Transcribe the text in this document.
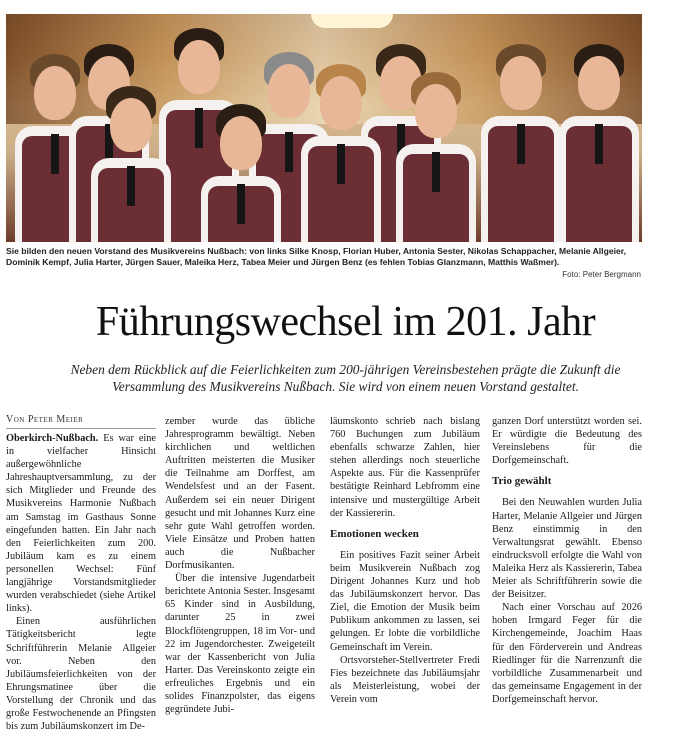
Sie bilden den neuen Vorstand des Musikvereins Nußbach: von links Silke Knosp, Florian Huber, Antonia Sester, Nikolas Schappacher, Melanie Allgeier, Dominik Kempf, Julia Harter, Jürgen Sauer, Maleika Herz, Tabea Meier und Jürgen Benz (es fehlen Tobias Glanzmann, Matthis Waßmer).
Foto: Peter Bergmann
Führungswechsel im 201. Jahr
Neben dem Rückblick auf die Feierlichkeiten zum 200-jährigen Vereinsbestehen prägte die Zukunft die Versammlung des Musikvereins Nußbach. Sie wird von einem neuen Vorstand gestaltet.
Von Peter Meier

Oberkirch-Nußbach. Es war eine in vielfacher Hinsicht außergewöhnliche Jahreshauptversammlung, zu der sich Mitglieder und Freunde des Musikvereins Harmonie Nußbach am Samstag im Gasthaus Sonne eingefunden hatten. Ein Jahr nach den Feierlichkeiten zum 200. Jubiläum kam es zu einem personellen Wechsel: Fünf langjährige Vorstandsmitglieder wurden verabschiedet (siehe Artikel links).

Einen ausführlichen Tätigkeitsbericht legte Schriftführerin Melanie Allgeier vor. Neben den Jubiläumsfeierlichkeiten von der Ehrungsmatinee über die Vorstellung der Chronik und das große Festwochenende an Pfingsten bis zum Jubiläumskonzert im De-

zember wurde das übliche Jahresprogramm bewältigt. Neben kirchlichen und weltlichen Auftritten meisterten die Musiker die Teilnahme am Dorffest, am Wendelsfest und an der Fasent. Außerdem sei ein neuer Dirigent gesucht und mit Johannes Kurz eine sehr gute Wahl getroffen worden. Viele Einsätze und Proben hatten auch die Nußbacher Dorfmusikanten.

Über die intensive Jugendarbeit berichtete Antonia Sester. Insgesamt 65 Kinder sind in Ausbildung, darunter 25 in zwei Blockflötengruppen, 18 im Vor- und 22 im Jugendorchester. Zweigeteilt war der Kassenbericht von Julia Harter. Das Vereinskonto zeigte ein erfreuliches Ergebnis und ein solides Finanzpolster, das eigens gegründete Jubi-

läumskonto schrieb nach bislang 760 Buchungen zum Jubiläum ebenfalls schwarze Zahlen, hier stehen allerdings noch steuerliche Aspekte aus. Für die Kassenprüfer bestätigte Reinhard Lebfromm eine intensive und mustergültige Arbeit der Kassiererin.

Emotionen wecken

Ein positives Fazit seiner Arbeit beim Musikverein Nußbach zog Dirigent Johannes Kurz und hob das Jubiläumskonzert hervor. Das Ziel, die Emotion der Musik beim Publikum ankommen zu lassen, sei gelungen. Er lobte die vorbildliche Gemeinschaft im Verein.

Ortsvorsteher-Stellvertreter Fredi Fies bezeichnete das Jubiläumsjahr als Meisterleistung, wobei der Verein vom

ganzen Dorf unterstützt worden sei. Er würdigte die Bedeutung des Vereinslebens für die Dorfgemeinschaft.

Trio gewählt

Bei den Neuwahlen wurden Julia Harter, Melanie Allgeier und Jürgen Benz einstimmig in den Verwaltungsrat gewählt. Ebenso eindrucksvoll erfolgte die Wahl von Maleika Herz als Kassiererin, Tabea Meier als Schriftführerin sowie die der Beisitzer.

Nach einer Vorschau auf 2026 hoben Irmgard Feger für die Kirchengemeinde, Joachim Haas für den Förderverein und Andreas Riedlinger für die Narrenzunft die vorbildliche Zusammenarbeit und das gemeinsame Engagement in der Dorfgemeinschaft hervor.
